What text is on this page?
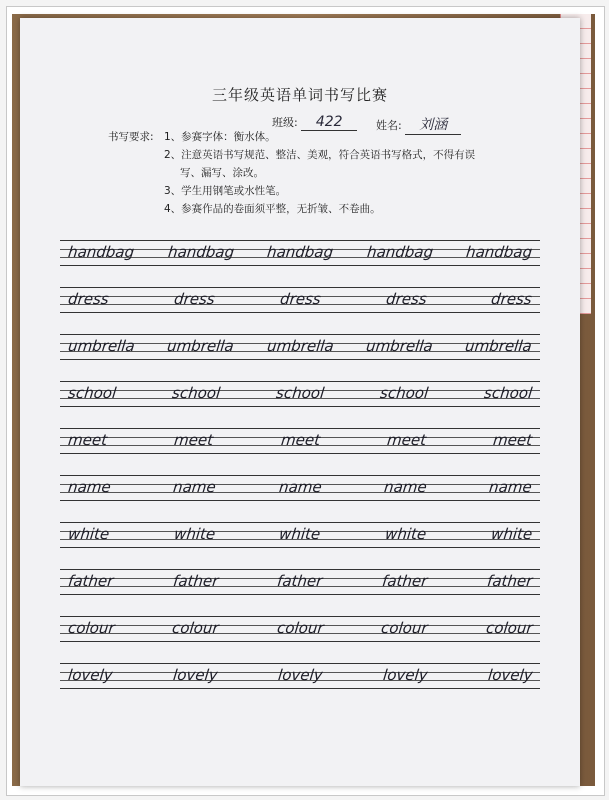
三年级英语单词书写比赛
班级: 422	姓名: 刘涵
书写要求: 1、参赛字体：衡水体。
2、注意英语书写规范、整洁、美观，符合英语书写格式，不得有误
写、漏写、涂改。
3、学生用钢笔或水性笔。
4、参赛作品的卷面须平整，无折皱、不卷曲。
handbag handbag handbag handbag handbag
dress	dress	dress	dress	dress
umbrella umbrella umbrella umbrella umbrella
school	school	school	school	school
meet	meet	meet	meet	meet
name	name	name	name	name
white	white	white	white	white
father	father	father	father	father
colour	colour	colour	colour	colour
lovely	lovely	lovely	lovely	lovely
